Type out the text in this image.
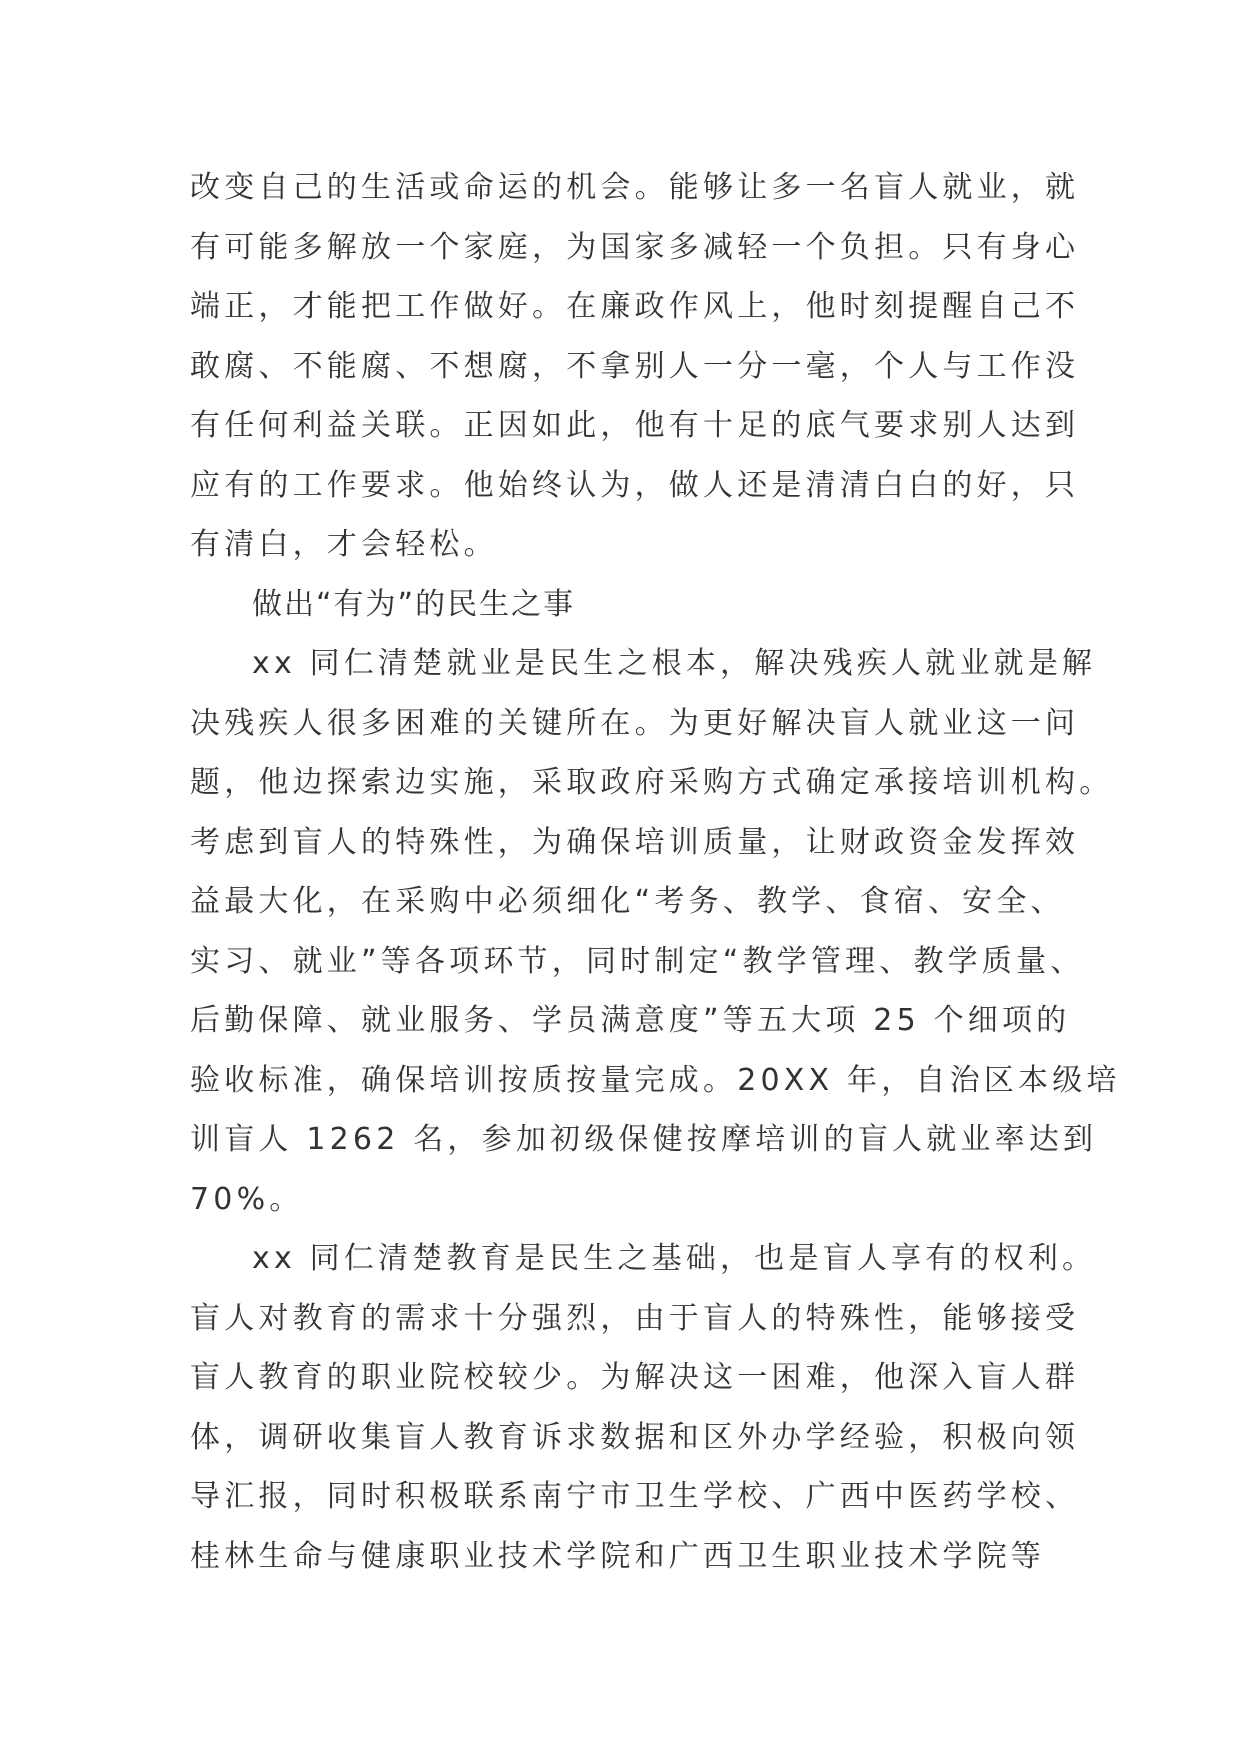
改变自己的生活或命运的机会。能够让多一名盲人就业，就
有可能多解放一个家庭，为国家多减轻一个负担。只有身心
端正，才能把工作做好。在廉政作风上，他时刻提醒自己不
敢腐、不能腐、不想腐，不拿别人一分一毫，个人与工作没
有任何利益关联。正因如此，他有十足的底气要求别人达到
应有的工作要求。他始终认为，做人还是清清白白的好，只
有清白，才会轻松。
做出“有为”的民生之事
xx 同仁清楚就业是民生之根本，解决残疾人就业就是解
决残疾人很多困难的关键所在。为更好解决盲人就业这一问
题，他边探索边实施，采取政府采购方式确定承接培训机构。
考虑到盲人的特殊性，为确保培训质量，让财政资金发挥效
益最大化，在采购中必须细化“考务、教学、食宿、安全、
实习、就业”等各项环节，同时制定“教学管理、教学质量、
后勤保障、就业服务、学员满意度”等五大项 25 个细项的
验收标准，确保培训按质按量完成。20XX 年，自治区本级培
训盲人 1262 名，参加初级保健按摩培训的盲人就业率达到
70%。
xx 同仁清楚教育是民生之基础，也是盲人享有的权利。
盲人对教育的需求十分强烈，由于盲人的特殊性，能够接受
盲人教育的职业院校较少。为解决这一困难，他深入盲人群
体，调研收集盲人教育诉求数据和区外办学经验，积极向领
导汇报，同时积极联系南宁市卫生学校、广西中医药学校、
桂林生命与健康职业技术学院和广西卫生职业技术学院等
